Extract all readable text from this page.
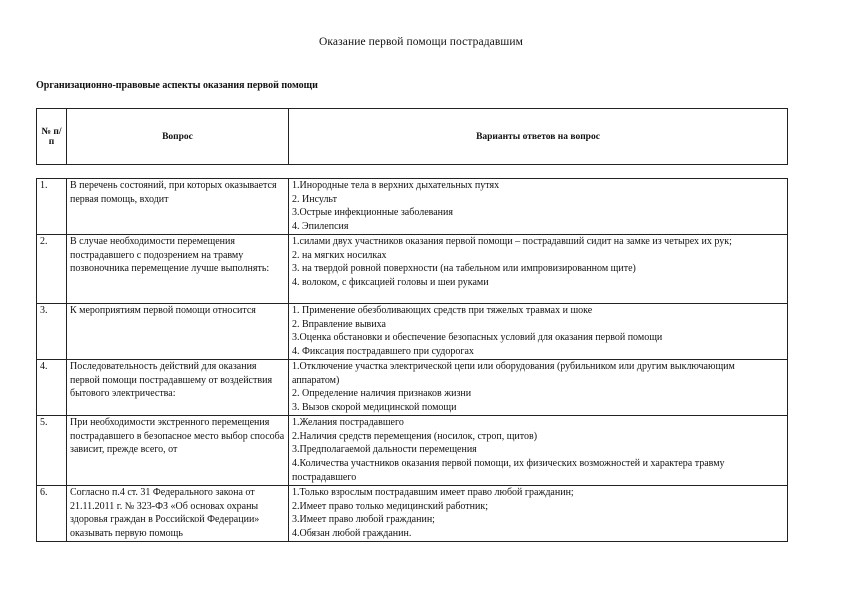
Оказание первой помощи пострадавшим
Организационно-правовые аспекты оказания первой помощи
№ п/п	Вопрос	Варианты ответов на вопрос
1.	В перечень состояний, при которых оказывается первая помощь, входит	1.Инородные тела в верхних дыхательных путях
2. Инсульт
3.Острые инфекционные заболевания
4. Эпилепсия

2.	В случае необходимости перемещения пострадавшего с подозрением на травму позвоночника перемещение лучше выполнять:	1.силами двух участников оказания первой помощи – пострадавший сидит на замке из четырех их рук;
2. на мягких носилках
3. на твердой ровной поверхности (на табельном или импровизированном щите)
4. волоком, с фиксацией головы и шеи руками

3.	К мероприятиям первой помощи относится	1. Применение обезболивающих средств при тяжелых травмах и шоке
2. Вправление вывиха
3.Оценка обстановки и обеспечение безопасных условий для оказания первой помощи
4. Фиксация пострадавшего при судорогах

4.	Последовательность действий для оказания первой помощи пострадавшему от воздействия бытового электричества:	1.Отключение участка электрической цепи или оборудования (рубильником или другим выключающим аппаратом)
2. Определение наличия признаков жизни
3. Вызов скорой медицинской помощи

5.	При необходимости экстренного перемещения пострадавшего в безопасное место выбор способа зависит, прежде всего, от	1.Желания пострадавшего
2.Наличия средств перемещения (носилок, строп, щитов)
3.Предполагаемой дальности перемещения
4.Количества участников оказания первой помощи, их физических возможностей и характера травму пострадавшего

6.	Согласно п.4 ст. 31 Федерального закона от 21.11.2011 г. № 323-ФЗ «Об основах охраны здоровья граждан в Российской Федерации» оказывать первую помощь	1.Только взрослым пострадавшим имеет право любой гражданин;
2.Имеет право только медицинский работник;
3.Имеет право любой гражданин;
4.Обязан любой гражданин.
